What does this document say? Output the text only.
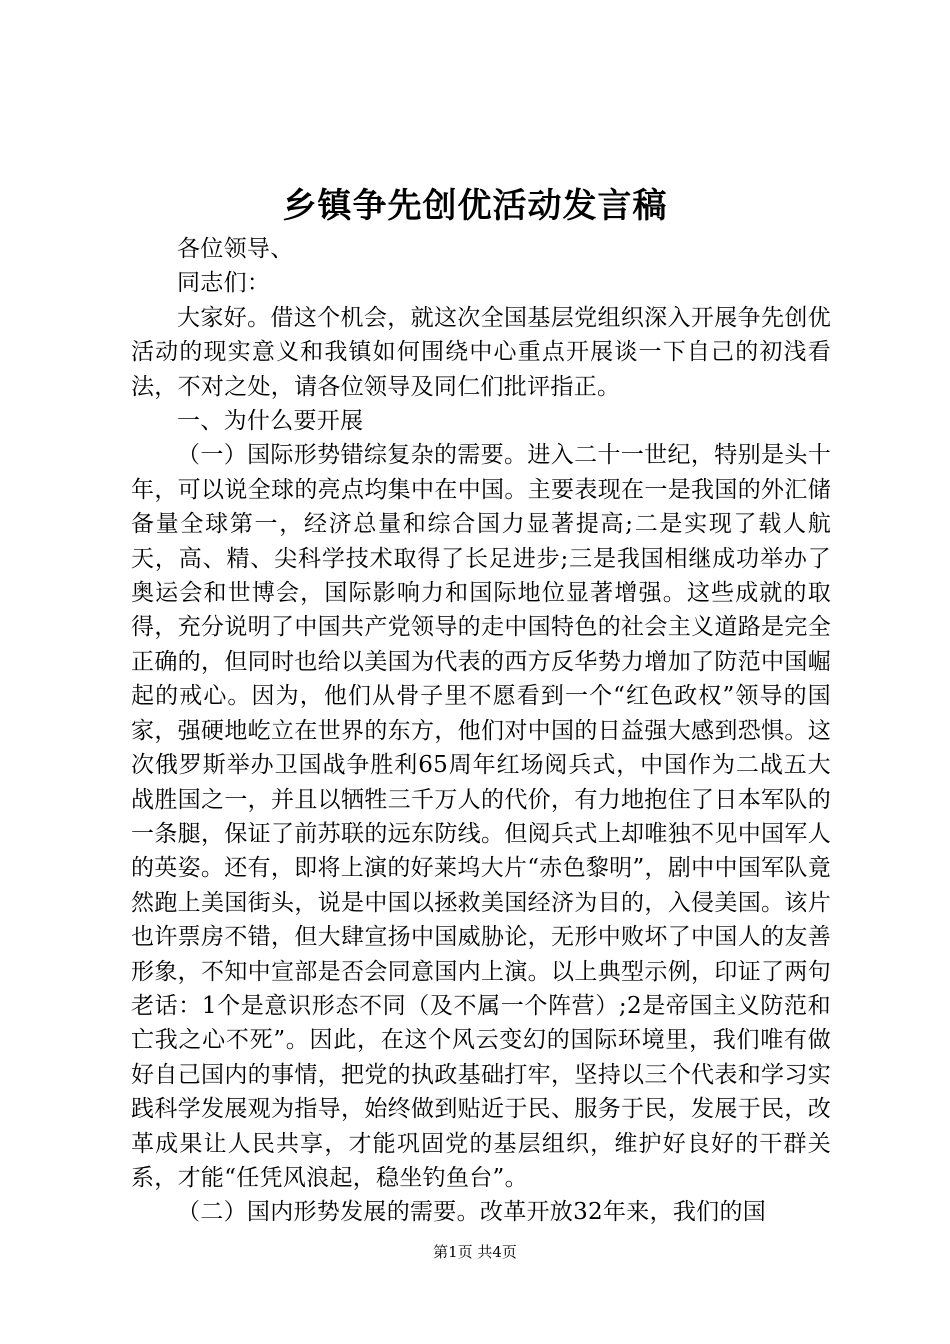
乡镇争先创优活动发言稿

各位领导、

同志们：

大家好。借这个机会，就这次全国基层党组织深入开展争先创优活动的现实意义和我镇如何围绕中心重点开展谈一下自己的初浅看法，不对之处，请各位领导及同仁们批评指正。

一、为什么要开展

（一）国际形势错综复杂的需要。进入二十一世纪，特别是头十年，可以说全球的亮点均集中在中国。主要表现在一是我国的外汇储备量全球第一，经济总量和综合国力显著提高;二是实现了载人航天，高、精、尖科学技术取得了长足进步;三是我国相继成功举办了奥运会和世博会，国际影响力和国际地位显著增强。这些成就的取得，充分说明了中国共产党领导的走中国特色的社会主义道路是完全正确的，但同时也给以美国为代表的西方反华势力增加了防范中国崛起的戒心。因为，他们从骨子里不愿看到一个“红色政权”领导的国家，强硬地屹立在世界的东方，他们对中国的日益强大感到恐惧。这次俄罗斯举办卫国战争胜利65周年红场阅兵式，中国作为二战五大战胜国之一，并且以牺牲三千万人的代价，有力地抱住了日本军队的一条腿，保证了前苏联的远东防线。但阅兵式上却唯独不见中国军人的英姿。还有，即将上演的好莱坞大片“赤色黎明”，剧中中国军队竟然跑上美国街头，说是中国以拯救美国经济为目的，入侵美国。该片也许票房不错，但大肆宣扬中国威胁论，无形中败坏了中国人的友善形象，不知中宣部是否会同意国内上演。以上典型示例，印证了两句老话：1个是意识形态不同（及不属一个阵营）;2是帝国主义防范和亡我之心不死”。因此，在这个风云变幻的国际环境里，我们唯有做好自己国内的事情，把党的执政基础打牢，坚持以三个代表和学习实践科学发展观为指导，始终做到贴近于民、服务于民，发展于民，改革成果让人民共享，才能巩固党的基层组织，维护好良好的干群关系，才能“任凭风浪起，稳坐钓鱼台”。

（二）国内形势发展的需要。改革开放32年来，我们的国

第1页 共4页
